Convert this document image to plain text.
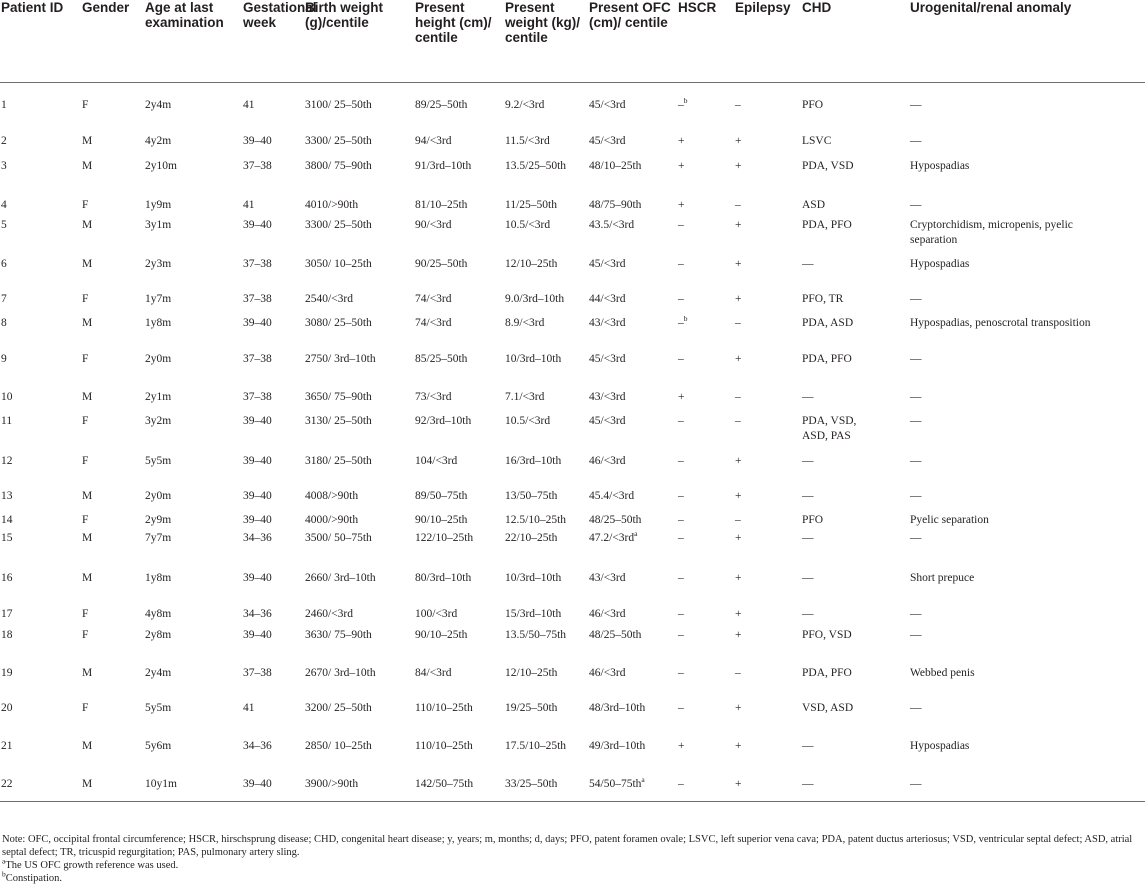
Patient ID	Gender	Age at last examination	Gestational week	Birth weight (g)/centile	Present height (cm)/ centile	Present weight (kg)/ centile	Present OFC (cm)/ centile	HSCR	Epilepsy	CHD	Urogenital/renal anomaly
1	F	2y4m	41	3100/ 25–50th	89/25–50th	9.2/<3rd	45/<3rd	–$^b$	–	PFO	—
2	M	4y2m	39–40	3300/ 25–50th	94/<3rd	11.5/<3rd	45/<3rd	+	+	LSVC	—
3	M	2y10m	37–38	3800/ 75–90th	91/3rd–10th	13.5/25–50th	48/10–25th	+	+	PDA, VSD	Hypospadias
4	F	1y9m	41	4010/>90th	81/10–25th	11/25–50th	48/75–90th	+	–	ASD	—
5	M	3y1m	39–40	3300/ 25–50th	90/<3rd	10.5/<3rd	43.5/<3rd	–	+	PDA, PFO	Cryptorchidism, micropenis, pyelic separation
6	M	2y3m	37–38	3050/ 10–25th	90/25–50th	12/10–25th	45/<3rd	–	+	—	Hypospadias
7	F	1y7m	37–38	2540/<3rd	74/<3rd	9.0/3rd–10th	44/<3rd	–	+	PFO, TR	—
8	M	1y8m	39–40	3080/ 25–50th	74/<3rd	8.9/<3rd	43/<3rd	–$^b$	–	PDA, ASD	Hypospadias, penoscrotal transposition
9	F	2y0m	37–38	2750/ 3rd–10th	85/25–50th	10/3rd–10th	45/<3rd	–	+	PDA, PFO	—
10	M	2y1m	37–38	3650/ 75–90th	73/<3rd	7.1/<3rd	43/<3rd	+	–	—	—
11	F	3y2m	39–40	3130/ 25–50th	92/3rd–10th	10.5/<3rd	45/<3rd	–	–	PDA, VSD, ASD, PAS	—
12	F	5y5m	39–40	3180/ 25–50th	104/<3rd	16/3rd–10th	46/<3rd	–	+	—	—
13	M	2y0m	39–40	4008/>90th	89/50–75th	13/50–75th	45.4/<3rd	–	+	—	—
14	F	2y9m	39–40	4000/>90th	90/10–25th	12.5/10–25th	48/25–50th	–	–	PFO	Pyelic separation
15	M	7y7m	34–36	3500/ 50–75th	122/10–25th	22/10–25th	$47.2/<3rd^a$	–	+	—	—
16	M	1y8m	39–40	2660/ 3rd–10th	80/3rd–10th	10/3rd–10th	43/<3rd	–	+	—	Short prepuce
17	F	4y8m	34–36	2460/<3rd	100/<3rd	15/3rd–10th	46/<3rd	–	+	—	—
18	F	2y8m	39–40	3630/ 75–90th	90/10–25th	13.5/50–75th	48/25–50th	–	+	PFO, VSD	—
19	M	2y4m	37–38	2670/ 3rd–10th	84/<3rd	12/10–25th	46/<3rd	–	–	PDA, PFO	Webbed penis
20	F	5y5m	41	3200/ 25–50th	110/10–25th	19/25–50th	48/3rd–10th	–	+	VSD, ASD	—
21	M	5y6m	34–36	2850/ 10–25th	110/10–25th	17.5/10–25th	49/3rd–10th	+	+	—	Hypospadias
22	M	10y1m	39–40	3900/>90th	142/50–75th	33/25–50th	$54/50-75th^a$	–	+	—	—
Note: OFC, occipital frontal circumference; HSCR, hirschsprung disease; CHD, congenital heart disease; y, years; m, months; d, days; PFO, patent foramen ovale; LSVC, left superior vena cava; PDA, patent ductus arteriosus; VSD, ventricular septal defect; ASD, atrial septal defect; TR, tricuspid regurgitation; PAS, pulmonary artery sling.
$^a$The US OFC growth reference was used.
$^b$Constipation.
